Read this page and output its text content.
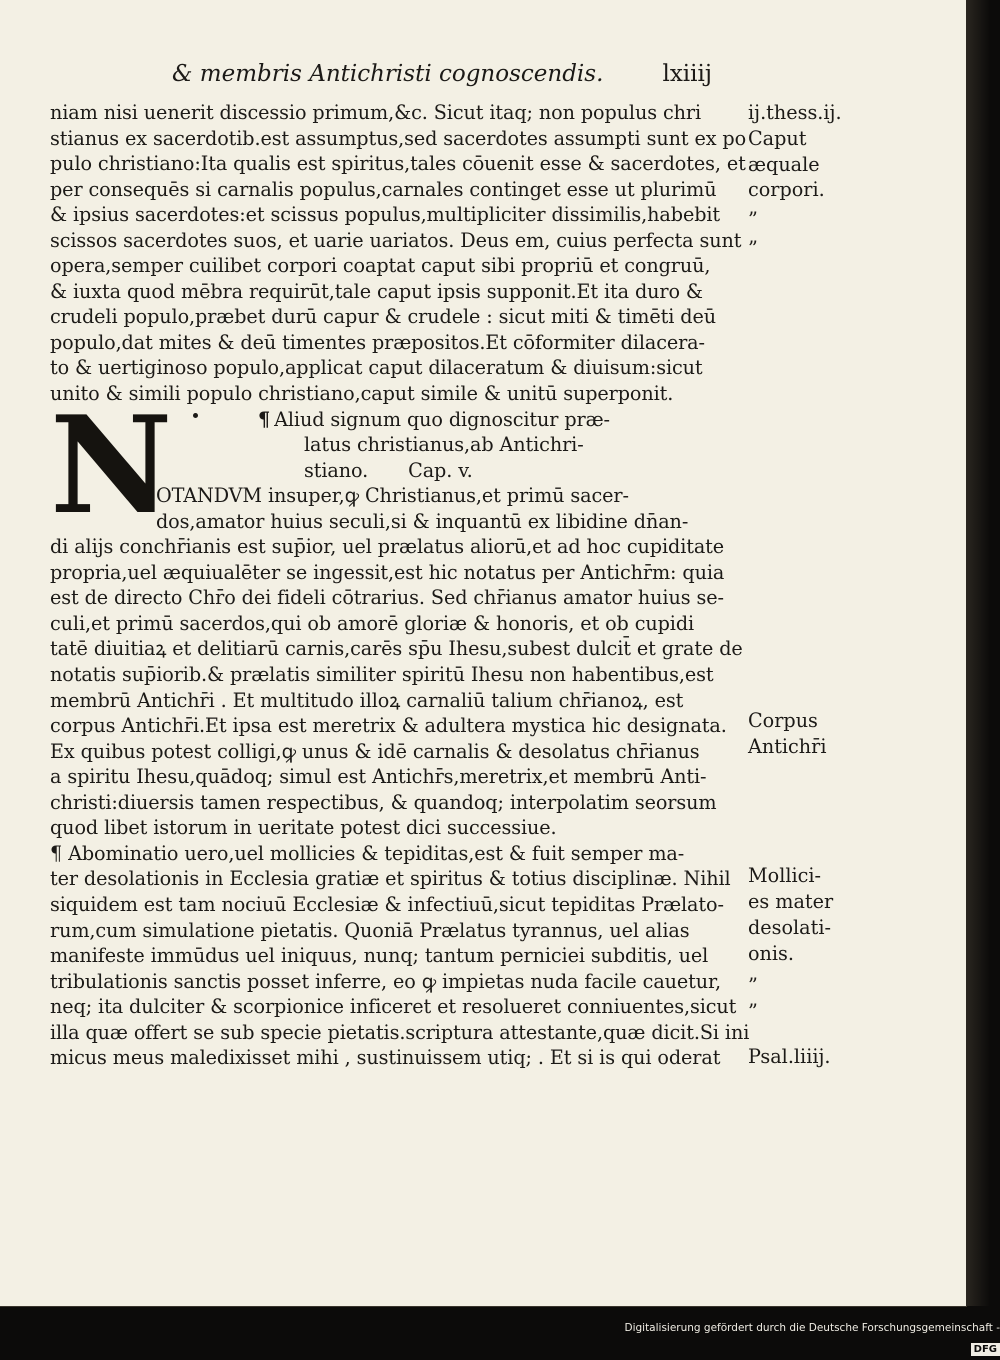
& membris Antichristi cognoscendis.	lxiiij
niam nisi uenerit discessio primum,&c. Sicut itaq; non populus chri
stianus ex sacerdotib.est assumptus,sed sacerdotes assumpti sunt ex po
pulo christiano:Ita qualis est spiritus,tales cōuenit esse & sacerdotes, et
per consequēs si carnalis populus,carnales continget esse ut plurimū
& ipsius sacerdotes:et scissus populus,multipliciter dissimilis,habebit
scissos sacerdotes suos, et uarie uariatos. Deus em, cuius perfecta sunt
opera,semper cuilibet corpori coaptat caput sibi propriū et congruū,
& iuxta quod mēbra requirūt,tale caput ipsis supponit.Et ita duro &
crudeli populo,præbet durū capur & crudele : sicut miti & timēti deū
populo,dat mites & deū timentes præpositos.Et cōformiter dilacera-
to & uertiginoso populo,applicat caput dilaceratum & diuisum:sicut
unito & simili populo christiano,caput simile & unitū superponit.
N	¶ Aliud signum quo dignoscitur præ-
latus christianus,ab Antichri-
stiano. Cap. v.
OTANDVM insuper,ꝙ Christianus,et primū sacer-
dos,amator huius seculi,si & inquantū ex libidine dn̄an-
di alijs conchr̄ianis est sup̄ior, uel prælatus aliorū,et ad hoc cupiditate
propria,uel æquiualēter se ingessit,est hic notatus per Antichr̄m: quia
est de directo Chr̄o dei fideli cōtrarius. Sed chr̄ianus amator huius se-
culi,et primū sacerdos,qui ob amorē gloriæ & honoris, et ob cupidi
tatē diuitiaꝝ et delitiarū carnis,carēs sp̄u Ihesu,subest dulcit̄ et grate de
notatis sup̄iorib.& prælatis similiter spiritū Ihesu non habentibus,est
membrū Antichr̄i . Et multitudo illoꝝ carnaliū talium chr̄ianoꝝ, est
corpus Antichr̄i.Et ipsa est meretrix & adultera mystica hic designata.
Ex quibus potest colligi,ꝙ unus & idē carnalis & desolatus chr̄ianus
a spiritu Ihesu,quādoq; simul est Antichr̄s,meretrix,et membrū Anti-
christi:diuersis tamen respectibus, & quandoq; interpolatim seorsum
quod libet istorum in ueritate potest dici successiue.
¶ Abominatio uero,uel mollicies & tepiditas,est & fuit semper ma-
ter desolationis in Ecclesia gratiæ et spiritus & totius disciplinæ. Nihil
siquidem est tam nociuū Ecclesiæ & infectiuū,sicut tepiditas Prælato-
rum,cum simulatione pietatis. Quoniā Prælatus tyrannus, uel alias
manifeste immūdus uel iniquus, nunq; tantum perniciei subditis, uel
tribulationis sanctis posset inferre, eo ꝙ impietas nuda facile cauetur,
neq; ita dulciter & scorpionice inficeret et resolueret conniuentes,sicut
illa quæ offert se sub specie pietatis.scriptura attestante,quæ dicit.Si ini
micus meus maledixisset mihi , sustinuissem utiq; . Et si is qui oderat
ij.thess.ij.
Caput
æquale
corpori.
”
”
Corpus
Antichr̄i
Mollici-
es mater
desolati-
onis.
”
”
Psal.liiij.
Digitalisierung gefördert durch die Deutsche Forschungsgemeinschaft -DFG
